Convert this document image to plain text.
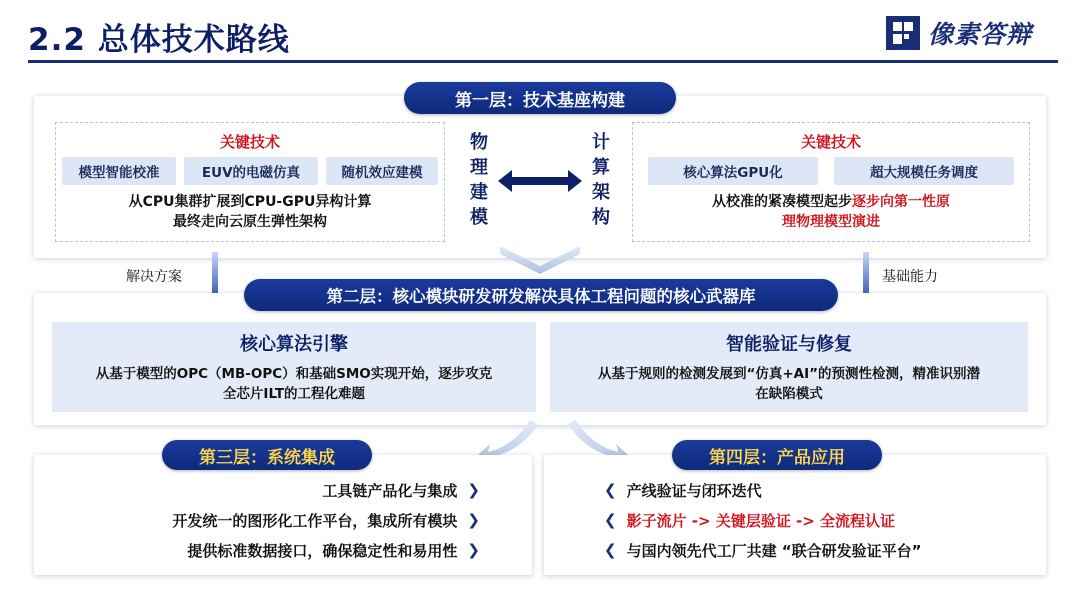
2.2 总体技术路线	像素答辩
第一层：技术基座构建
关键技术
模型智能校准	EUV的电磁仿真	随机效应建模
从CPU集群扩展到CPU-GPU异构计算
最终走向云原生弹性架构
物
理
建
模
计
算
架
构
关键技术
核心算法GPU化	超大规模任务调度
从校准的紧凑模型起步逐步向第一性原
理物理模型演进
解决方案	基础能力
第二层：核心模块研发研发解决具体工程问题的核心武器库
核心算法引擎
从基于模型的OPC（MB-OPC）和基础SMO实现开始，逐步攻克
全芯片ILT的工程化难题
智能验证与修复
从基于规则的检测发展到“仿真+AI”的预测性检测，精准识别潜
在缺陷模式
第三层：系统集成
工具链产品化与集成 ❯
开发统一的图形化工作平台，集成所有模块 ❯
提供标准数据接口，确保稳定性和易用性 ❯
第四层：产品应用
❮ 产线验证与闭环迭代
❮ 影子流片 -> 关键层验证 -> 全流程认证
❮ 与国内领先代工厂共建 “联合研发验证平台”
